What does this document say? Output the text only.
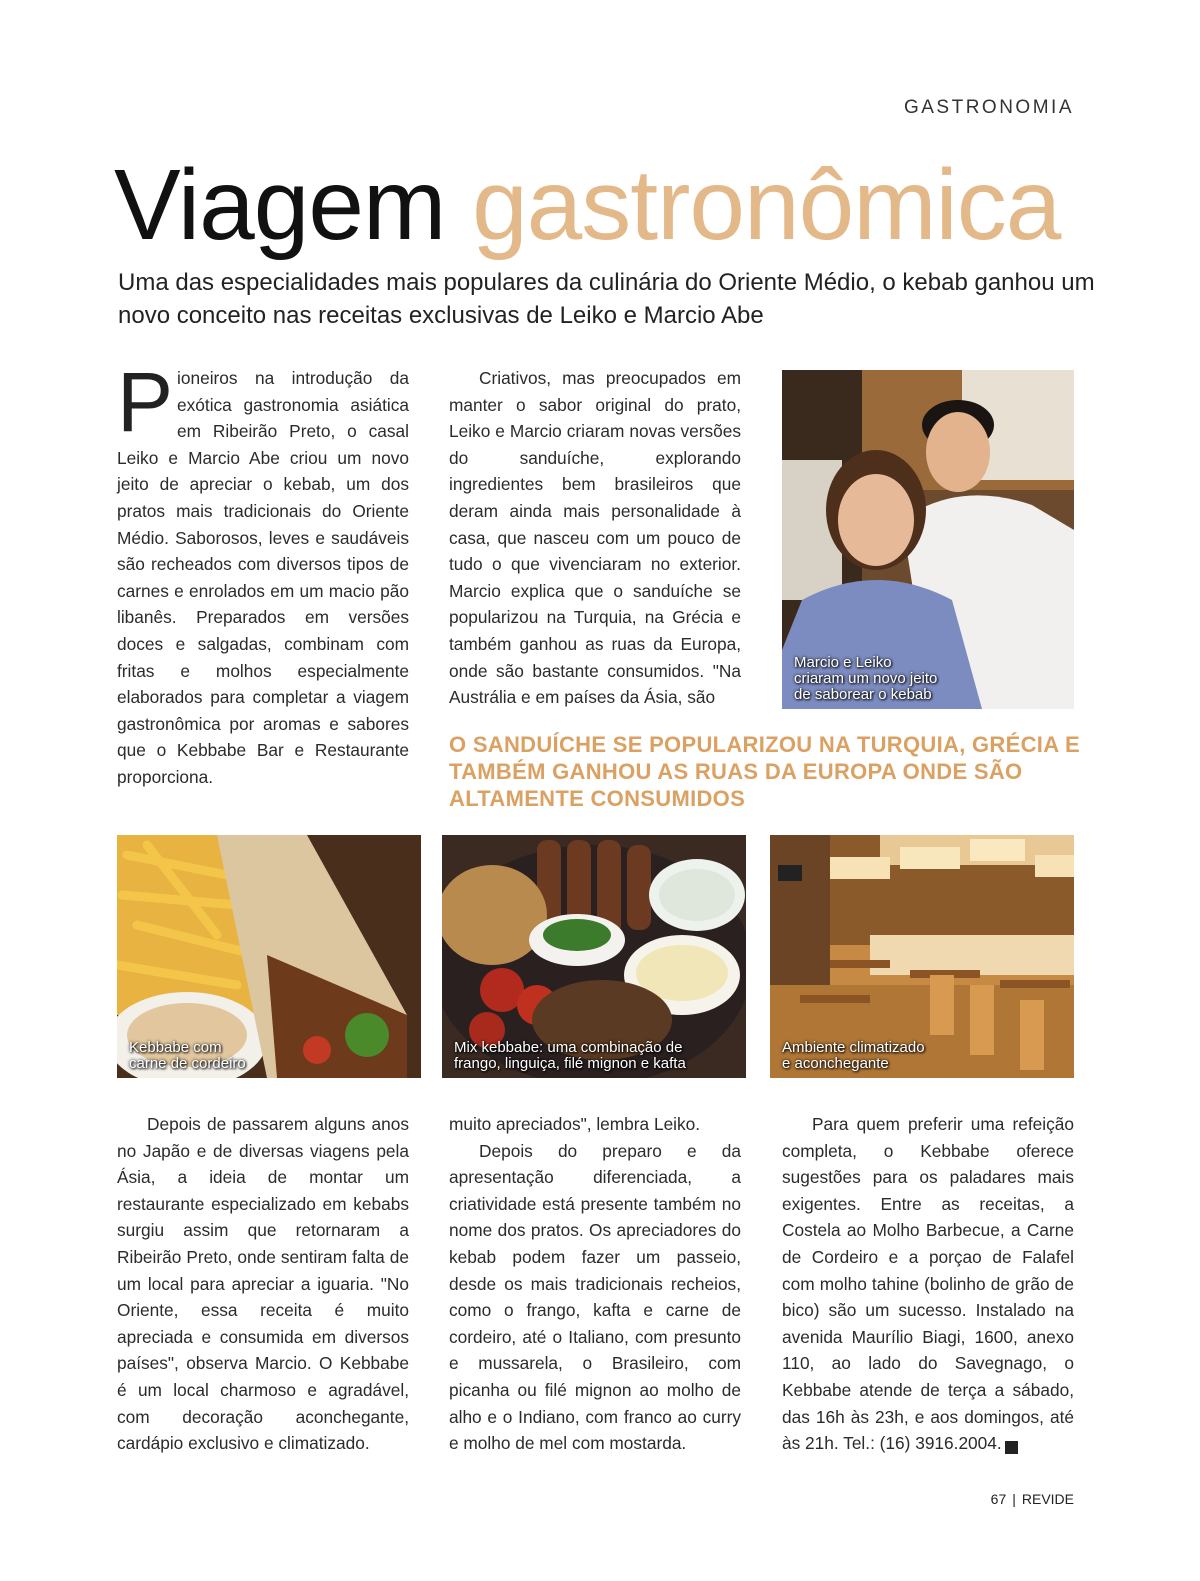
GASTRONOMIA
Viagem gastronômica

Uma das especialidades mais populares da culinária do Oriente Médio, o kebab ganhou um novo conceito nas receitas exclusivas de Leiko e Marcio Abe

P ioneiros na introdução da exótica gastronomia asiática em Ribeirão Preto, o casal Leiko e Marcio Abe criou um novo jeito de apreciar o kebab, um dos pratos mais tradicionais do Oriente Médio. Saborosos, leves e saudáveis são recheados com diversos tipos de carnes e enrolados em um macio pão libanês. Preparados em versões doces e salgadas, combinam com fritas e molhos especialmente elaborados para completar a viagem gastronômica por aromas e sabores que o Kebbabe Bar e Restaurante proporciona.

Criativos, mas preocupados em manter o sabor original do prato, Leiko e Marcio criaram novas versões do sanduíche, explorando ingredientes bem brasileiros que deram ainda mais personalidade à casa, que nasceu com um pouco de tudo o que vivenciaram no exterior. Marcio explica que o sanduíche se popularizou na Turquia, na Grécia e também ganhou as ruas da Europa, onde são bastante consumidos. "Na Austrália e em países da Ásia, são

Marcio e Leiko
criaram um novo jeito
de saborear o kebab
O SANDUÍCHE SE POPULARIZOU NA TURQUIA, GRÉCIA E TAMBÉM GANHOU AS RUAS DA EUROPA ONDE SÃO ALTAMENTE CONSUMIDOS
Kebbabe com
carne de cordeiro
Mix kebbabe: uma combinação de
frango, linguiça, filé mignon e kafta
Ambiente climatizado
e aconchegante

Depois de passarem alguns anos no Japão e de diversas viagens pela Ásia, a ideia de montar um restaurante especializado em kebabs surgiu assim que retornaram a Ribeirão Preto, onde sentiram falta de um local para apreciar a iguaria. "No Oriente, essa receita é muito apreciada e consumida em diversos países", observa Marcio. O Kebbabe é um local charmoso e agradável, com decoração aconchegante, cardápio exclusivo e climatizado.

muito apreciados", lembra Leiko.

Depois do preparo e da apresentação diferenciada, a criatividade está presente também no nome dos pratos. Os apreciadores do kebab podem fazer um passeio, desde os mais tradicionais recheios, como o frango, kafta e carne de cordeiro, até o Italiano, com presunto e mussarela, o Brasileiro, com picanha ou filé mignon ao molho de alho e o Indiano, com franco ao curry e molho de mel com mostarda.

Para quem preferir uma refeição completa, o Kebbabe oferece sugestões para os paladares mais exigentes. Entre as receitas, a Costela ao Molho Barbecue, a Carne de Cordeiro e a porçao de Falafel com molho tahine (bolinho de grão de bico) são um sucesso. Instalado na avenida Maurílio Biagi, 1600, anexo 110, ao lado do Savegnago, o Kebbabe atende de terça a sábado, das 16h às 23h, e aos domingos, até às 21h. Tel.: (16) 3916.2004.	r

67 | REVIDE
